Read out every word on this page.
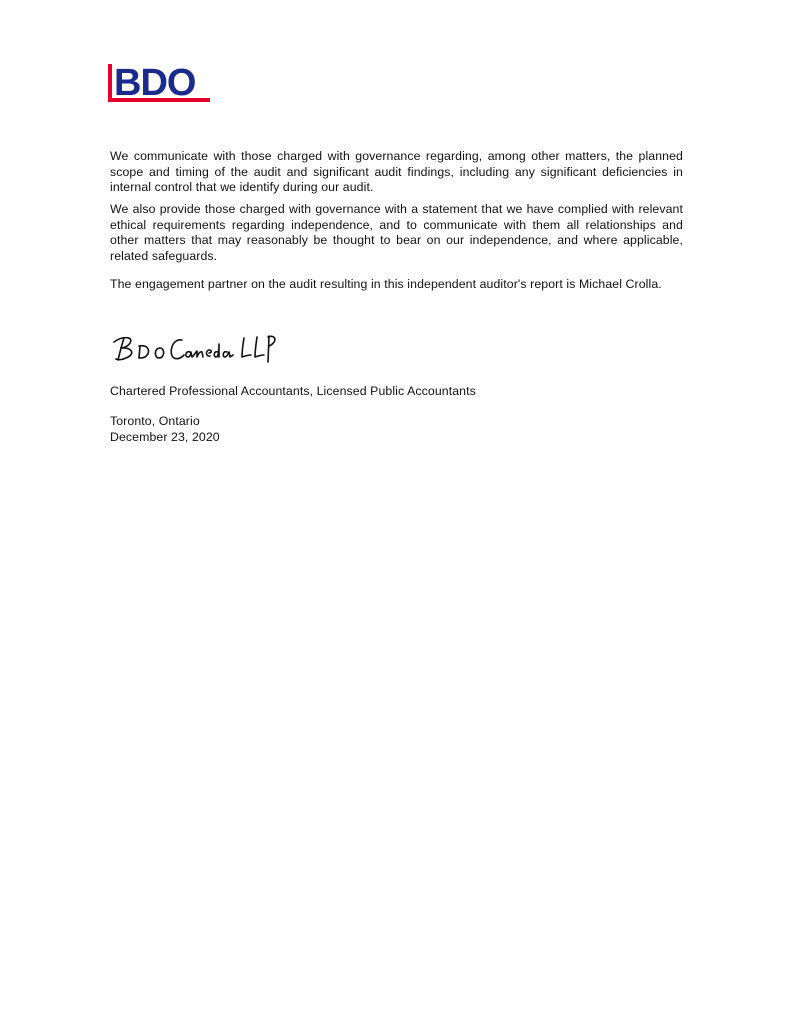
BDO

We communicate with those charged with governance regarding, among other matters, the planned scope and timing of the audit and significant audit findings, including any significant deficiencies in internal control that we identify during our audit.

We also provide those charged with governance with a statement that we have complied with relevant ethical requirements regarding independence, and to communicate with them all relationships and other matters that may reasonably be thought to bear on our independence, and where applicable, related safeguards.

The engagement partner on the audit resulting in this independent auditor's report is Michael Crolla.

Chartered Professional Accountants, Licensed Public Accountants

Toronto, Ontario

December 23, 2020
